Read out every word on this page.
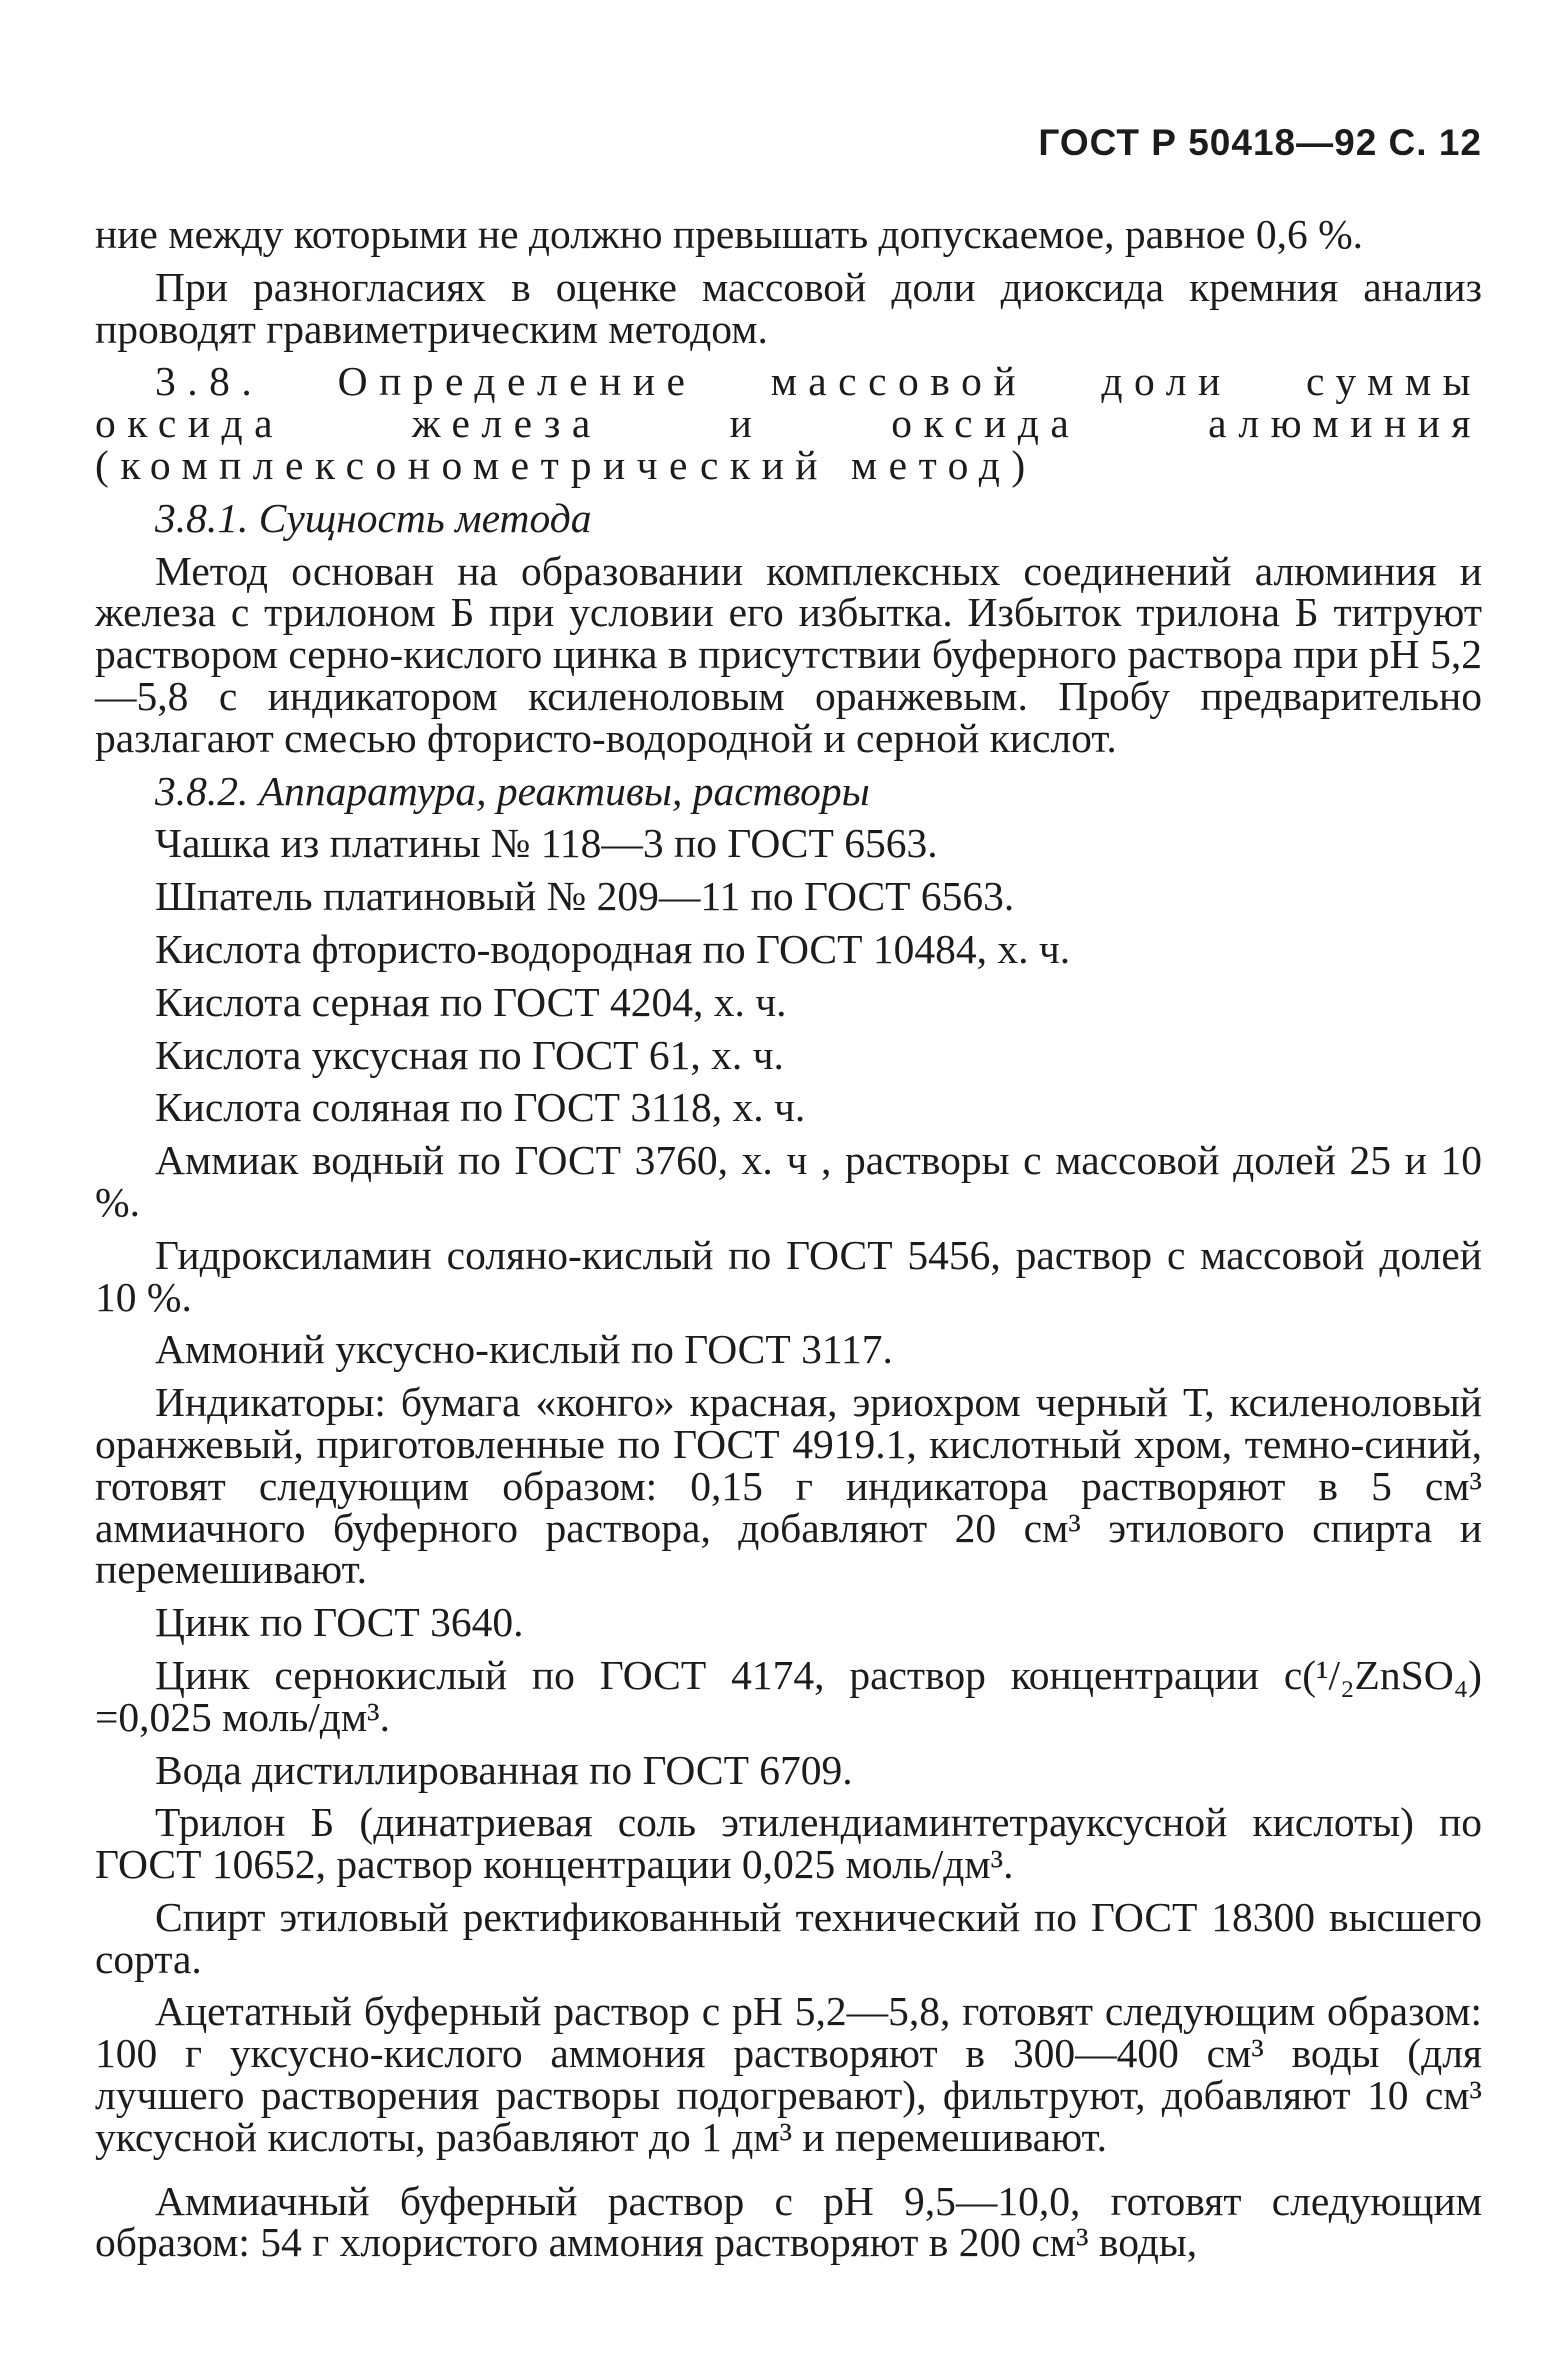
ГОСТ Р 50418—92 С. 12

ние между которыми не должно превышать допускаемое, равное 0,6 %.

При разногласиях в оценке массовой доли диоксида кремния анализ проводят гравиметрическим методом.

3.8. Определение массовой доли суммы оксида железа и оксида алюминия (комплексонометрический метод)

3.8.1. Сущность метода

Метод основан на образовании комплексных соединений алюминия и железа с трилоном Б при условии его избытка. Избыток трилона Б титруют раствором серно-кислого цинка в присутствии буферного раствора при pH 5,2—5,8 с индикатором ксиленоловым оранжевым. Пробу предварительно разлагают смесью фтористо-водородной и серной кислот.

3.8.2. Аппаратура, реактивы, растворы

Чашка из платины № 118—3 по ГОСТ 6563.

Шпатель платиновый № 209—11 по ГОСТ 6563.

Кислота фтористо-водородная по ГОСТ 10484, х. ч.

Кислота серная по ГОСТ 4204, х. ч.

Кислота уксусная по ГОСТ 61, х. ч.

Кислота соляная по ГОСТ 3118, х. ч.

Аммиак водный по ГОСТ 3760, х. ч , растворы с массовой долей 25 и 10 %.

Гидроксиламин соляно-кислый по ГОСТ 5456, раствор с массовой долей 10 %.

Аммоний уксусно-кислый по ГОСТ 3117.

Индикаторы: бумага «конго» красная, эриохром черный Т, ксиленоловый оранжевый, приготовленные по ГОСТ 4919.1, кислотный хром, темно-синий, готовят следующим образом: 0,15 г индикатора растворяют в 5 см³ аммиачного буферного раствора, добавляют 20 см³ этилового спирта и перемешивают.

Цинк по ГОСТ 3640.

Цинк сернокислый по ГОСТ 4174, раствор концентрации c(¹/₂ZnSO₄) =0,025 моль/дм³.

Вода дистиллированная по ГОСТ 6709.

Трилон Б (динатриевая соль этилендиаминтетрауксусной кислоты) по ГОСТ 10652, раствор концентрации 0,025 моль/дм³.

Спирт этиловый ректификованный технический по ГОСТ 18300 высшего сорта.

Ацетатный буферный раствор с pH 5,2—5,8, готовят следующим образом: 100 г уксусно-кислого аммония растворяют в 300—400 см³ воды (для лучшего растворения растворы подогревают), фильтруют, добавляют 10 см³ уксусной кислоты, разбавляют до 1 дм³ и перемешивают.

Аммиачный буферный раствор с pH 9,5—10,0, готовят следующим образом: 54 г хлористого аммония растворяют в 200 см³ воды,
